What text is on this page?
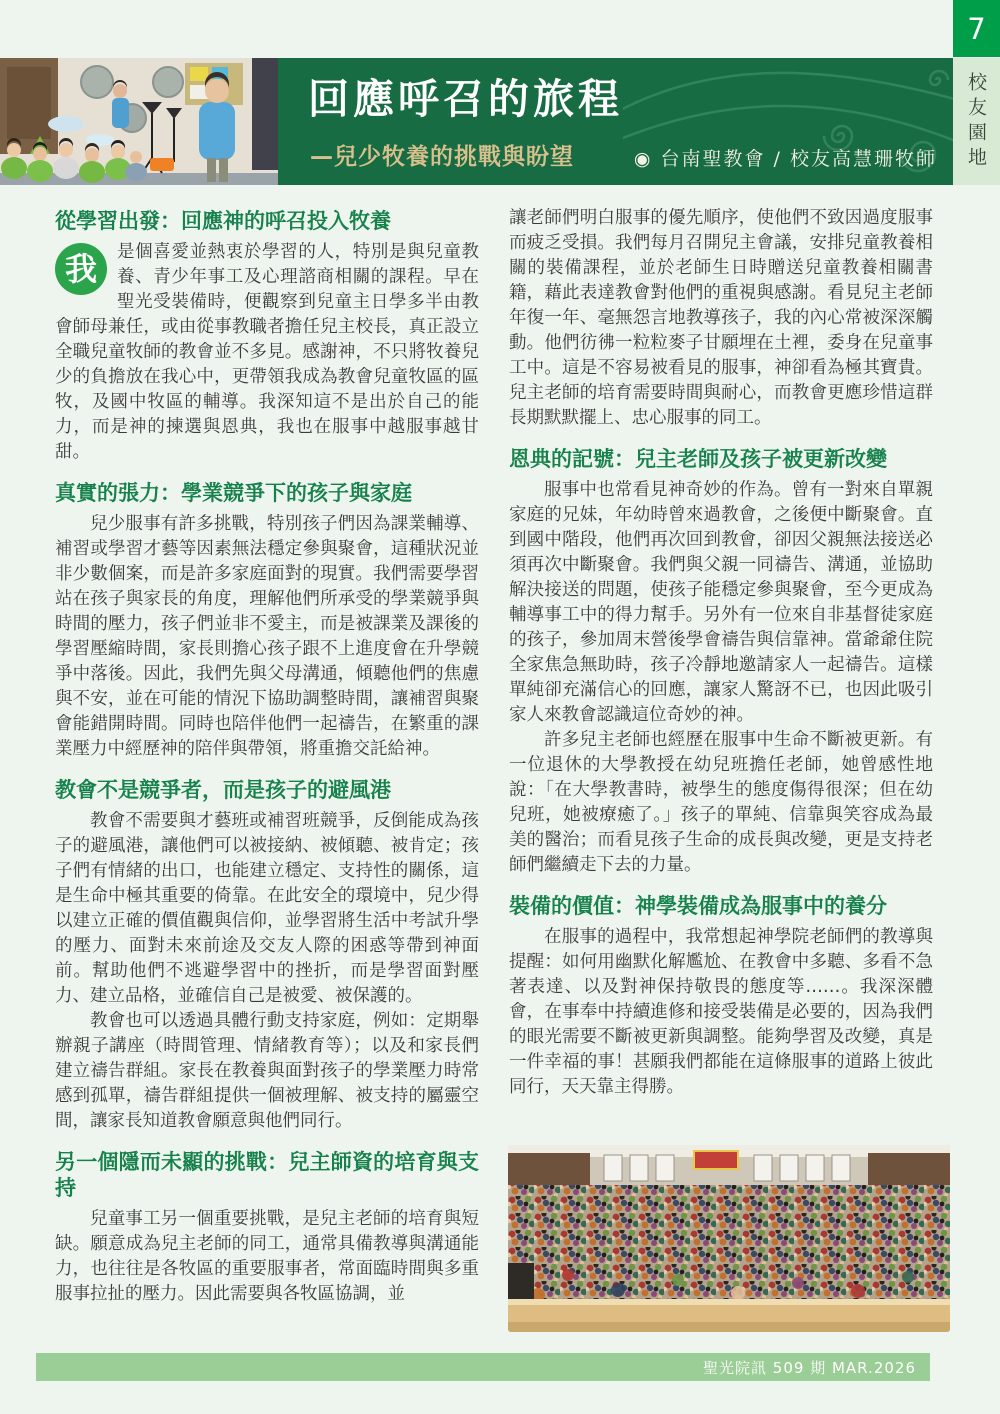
回應呼召的旅程
—兒少牧養的挑戰與盼望	◉ 台南聖教會 / 校友高慧珊牧師
7
校友園地
從學習出發：回應神的呼召投入牧養

我	是個喜愛並熱衷於學習的人，特別是與兒童教養、青少年事工及心理諮商相關的課程。早在聖光受裝備時，便觀察到兒童主日學多半由教會師母兼任，或由從事教職者擔任兒主校長，真正設立全職兒童牧師的教會並不多見。感謝神，不只將牧養兒少的負擔放在我心中，更帶領我成為教會兒童牧區的區牧，及國中牧區的輔導。我深知這不是出於自己的能力，而是神的揀選與恩典，我也在服事中越服事越甘甜。

真實的張力：學業競爭下的孩子與家庭

兒少服事有許多挑戰，特別孩子們因為課業輔導、補習或學習才藝等因素無法穩定參與聚會，這種狀況並非少數個案，而是許多家庭面對的現實。我們需要學習站在孩子與家長的角度，理解他們所承受的學業競爭與時間的壓力，孩子們並非不愛主，而是被課業及課後的學習壓縮時間，家長則擔心孩子跟不上進度會在升學競爭中落後。因此，我們先與父母溝通，傾聽他們的焦慮與不安，並在可能的情況下協助調整時間，讓補習與聚會能錯開時間。同時也陪伴他們一起禱告，在繁重的課業壓力中經歷神的陪伴與帶領，將重擔交託給神。

教會不是競爭者，而是孩子的避風港

教會不需要與才藝班或補習班競爭，反倒能成為孩子的避風港，讓他們可以被接納、被傾聽、被肯定；孩子們有情緒的出口，也能建立穩定、支持性的關係，這是生命中極其重要的倚靠。在此安全的環境中，兒少得以建立正確的價值觀與信仰，並學習將生活中考試升學的壓力、面對未來前途及交友人際的困惑等帶到神面前。幫助他們不逃避學習中的挫折，而是學習面對壓力、建立品格，並確信自己是被愛、被保護的。

教會也可以透過具體行動支持家庭，例如：定期舉辦親子講座（時間管理、情緒教育等）；以及和家長們建立禱告群組。家長在教養與面對孩子的學業壓力時常感到孤單，禱告群組提供一個被理解、被支持的屬靈空間，讓家長知道教會願意與他們同行。

另一個隱而未顯的挑戰：兒主師資的培育與支持

兒童事工另一個重要挑戰，是兒主老師的培育與短缺。願意成為兒主老師的同工，通常具備教導與溝通能力，也往往是各牧區的重要服事者，常面臨時間與多重服事拉扯的壓力。因此需要與各牧區協調，並

讓老師們明白服事的優先順序，使他們不致因過度服事而疲乏受損。我們每月召開兒主會議，安排兒童教養相關的裝備課程，並於老師生日時贈送兒童教養相關書籍，藉此表達教會對他們的重視與感謝。看見兒主老師年復一年、毫無怨言地教導孩子，我的內心常被深深觸動。他們彷彿一粒粒麥子甘願埋在土裡，委身在兒童事工中。這是不容易被看見的服事，神卻看為極其寶貴。兒主老師的培育需要時間與耐心，而教會更應珍惜這群長期默默擺上、忠心服事的同工。

恩典的記號：兒主老師及孩子被更新改變

服事中也常看見神奇妙的作為。曾有一對來自單親家庭的兄妹，年幼時曾來過教會，之後便中斷聚會。直到國中階段，他們再次回到教會，卻因父親無法接送必須再次中斷聚會。我們與父親一同禱告、溝通，並協助解決接送的問題，使孩子能穩定參與聚會，至今更成為輔導事工中的得力幫手。另外有一位來自非基督徒家庭的孩子，參加周末營後學會禱告與信靠神。當爺爺住院全家焦急無助時，孩子冷靜地邀請家人一起禱告。這樣單純卻充滿信心的回應，讓家人驚訝不已，也因此吸引家人來教會認識這位奇妙的神。

許多兒主老師也經歷在服事中生命不斷被更新。有一位退休的大學教授在幼兒班擔任老師，她曾感性地說：「在大學教書時，被學生的態度傷得很深；但在幼兒班，她被療癒了。」孩子的單純、信靠與笑容成為最美的醫治；而看見孩子生命的成長與改變，更是支持老師們繼續走下去的力量。

裝備的價值：神學裝備成為服事中的養分

在服事的過程中，我常想起神學院老師們的教導與提醒：如何用幽默化解尷尬、在教會中多聽、多看不急著表達、以及對神保持敬畏的態度等……。我深深體會，在事奉中持續進修和接受裝備是必要的，因為我們的眼光需要不斷被更新與調整。能夠學習及改變，真是一件幸福的事！甚願我們都能在這條服事的道路上彼此同行，天天靠主得勝。

聖光院訊 509 期 MAR.2026
